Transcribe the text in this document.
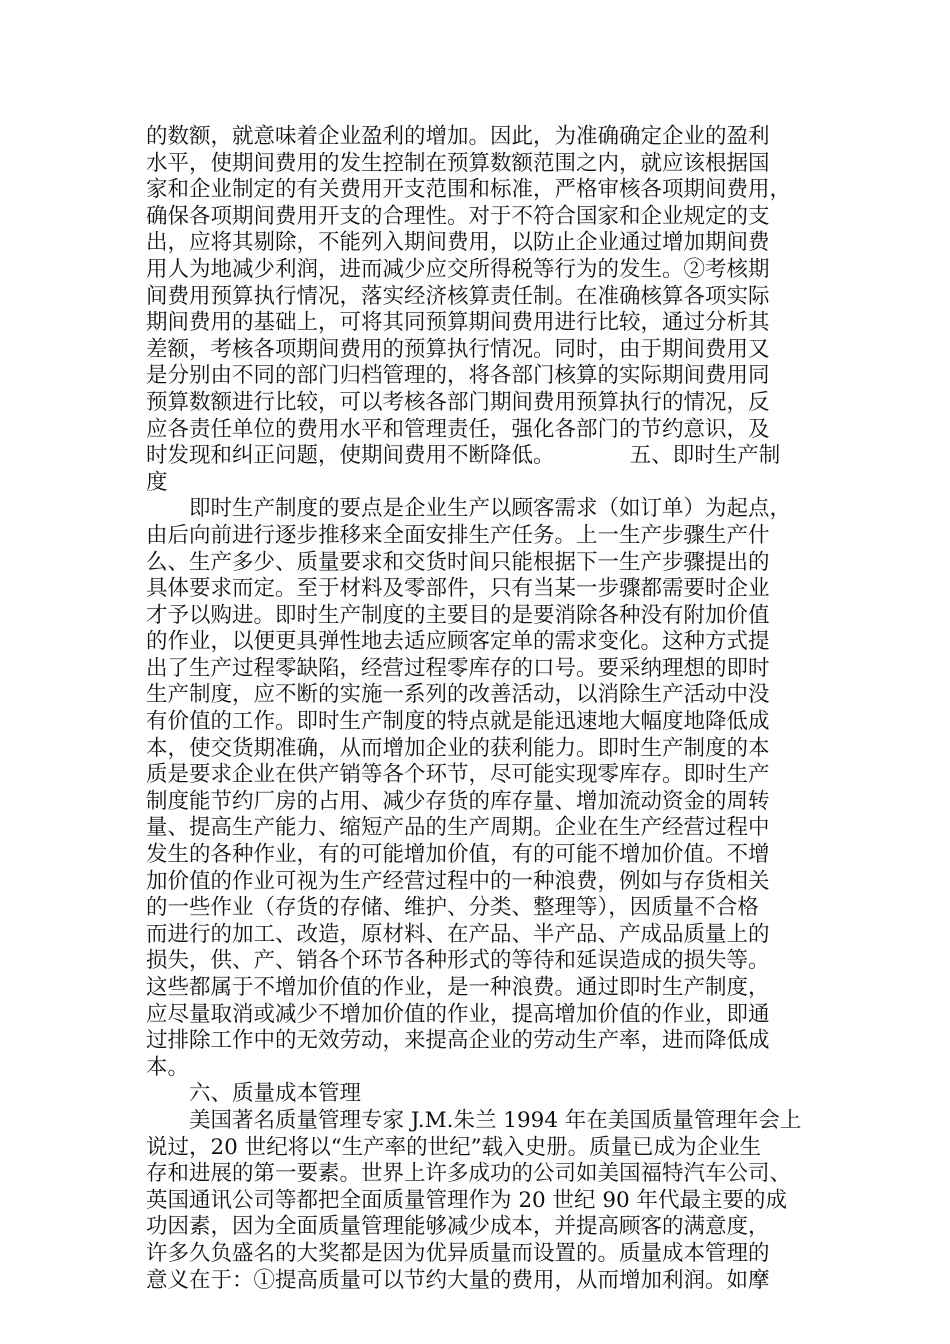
的数额，就意味着企业盈利的增加。因此，为准确确定企业的盈利
水平，使期间费用的发生控制在预算数额范围之内，就应该根据国
家和企业制定的有关费用开支范围和标准，严格审核各项期间费用，
确保各项期间费用开支的合理性。对于不符合国家和企业规定的支
出，应将其剔除，不能列入期间费用，以防止企业通过增加期间费
用人为地减少利润，进而减少应交所得税等行为的发生。②考核期
间费用预算执行情况，落实经济核算责任制。在准确核算各项实际
期间费用的基础上，可将其同预算期间费用进行比较，通过分析其
差额，考核各项期间费用的预算执行情况。同时，由于期间费用又
是分别由不同的部门归档管理的，将各部门核算的实际期间费用同
预算数额进行比较，可以考核各部门期间费用预算执行的情况，反
应各责任单位的费用水平和管理责任，强化各部门的节约意识，及
时发现和纠正问题，使期间费用不断降低。　　　　五、即时生产制
度
　　即时生产制度的要点是企业生产以顾客需求（如订单）为起点，
由后向前进行逐步推移来全面安排生产任务。上一生产步骤生产什
么、生产多少、质量要求和交货时间只能根据下一生产步骤提出的
具体要求而定。至于材料及零部件，只有当某一步骤都需要时企业
才予以购进。即时生产制度的主要目的是要消除各种没有附加价值
的作业，以便更具弹性地去适应顾客定单的需求变化。这种方式提
出了生产过程零缺陷，经营过程零库存的口号。要采纳理想的即时
生产制度，应不断的实施一系列的改善活动，以消除生产活动中没
有价值的工作。即时生产制度的特点就是能迅速地大幅度地降低成
本，使交货期准确，从而增加企业的获利能力。即时生产制度的本
质是要求企业在供产销等各个环节，尽可能实现零库存。即时生产
制度能节约厂房的占用、减少存货的库存量、增加流动资金的周转
量、提高生产能力、缩短产品的生产周期。企业在生产经营过程中
发生的各种作业，有的可能增加价值，有的可能不增加价值。不增
加价值的作业可视为生产经营过程中的一种浪费，例如与存货相关
的一些作业（存货的存储、维护、分类、整理等），因质量不合格
而进行的加工、改造，原材料、在产品、半产品、产成品质量上的
损失，供、产、销各个环节各种形式的等待和延误造成的损失等。
这些都属于不增加价值的作业，是一种浪费。通过即时生产制度，
应尽量取消或减少不增加价值的作业，提高增加价值的作业，即通
过排除工作中的无效劳动，来提高企业的劳动生产率，进而降低成
本。
　　六、质量成本管理
　　美国著名质量管理专家 J.M.朱兰 1994 年在美国质量管理年会上
说过，20 世纪将以“生产率的世纪”载入史册。质量已成为企业生
存和进展的第一要素。世界上许多成功的公司如美国福特汽车公司、
英国通讯公司等都把全面质量管理作为 20 世纪 90 年代最主要的成
功因素，因为全面质量管理能够减少成本，并提高顾客的满意度，
许多久负盛名的大奖都是因为优异质量而设置的。质量成本管理的
意义在于：①提高质量可以节约大量的费用，从而增加利润。如摩
